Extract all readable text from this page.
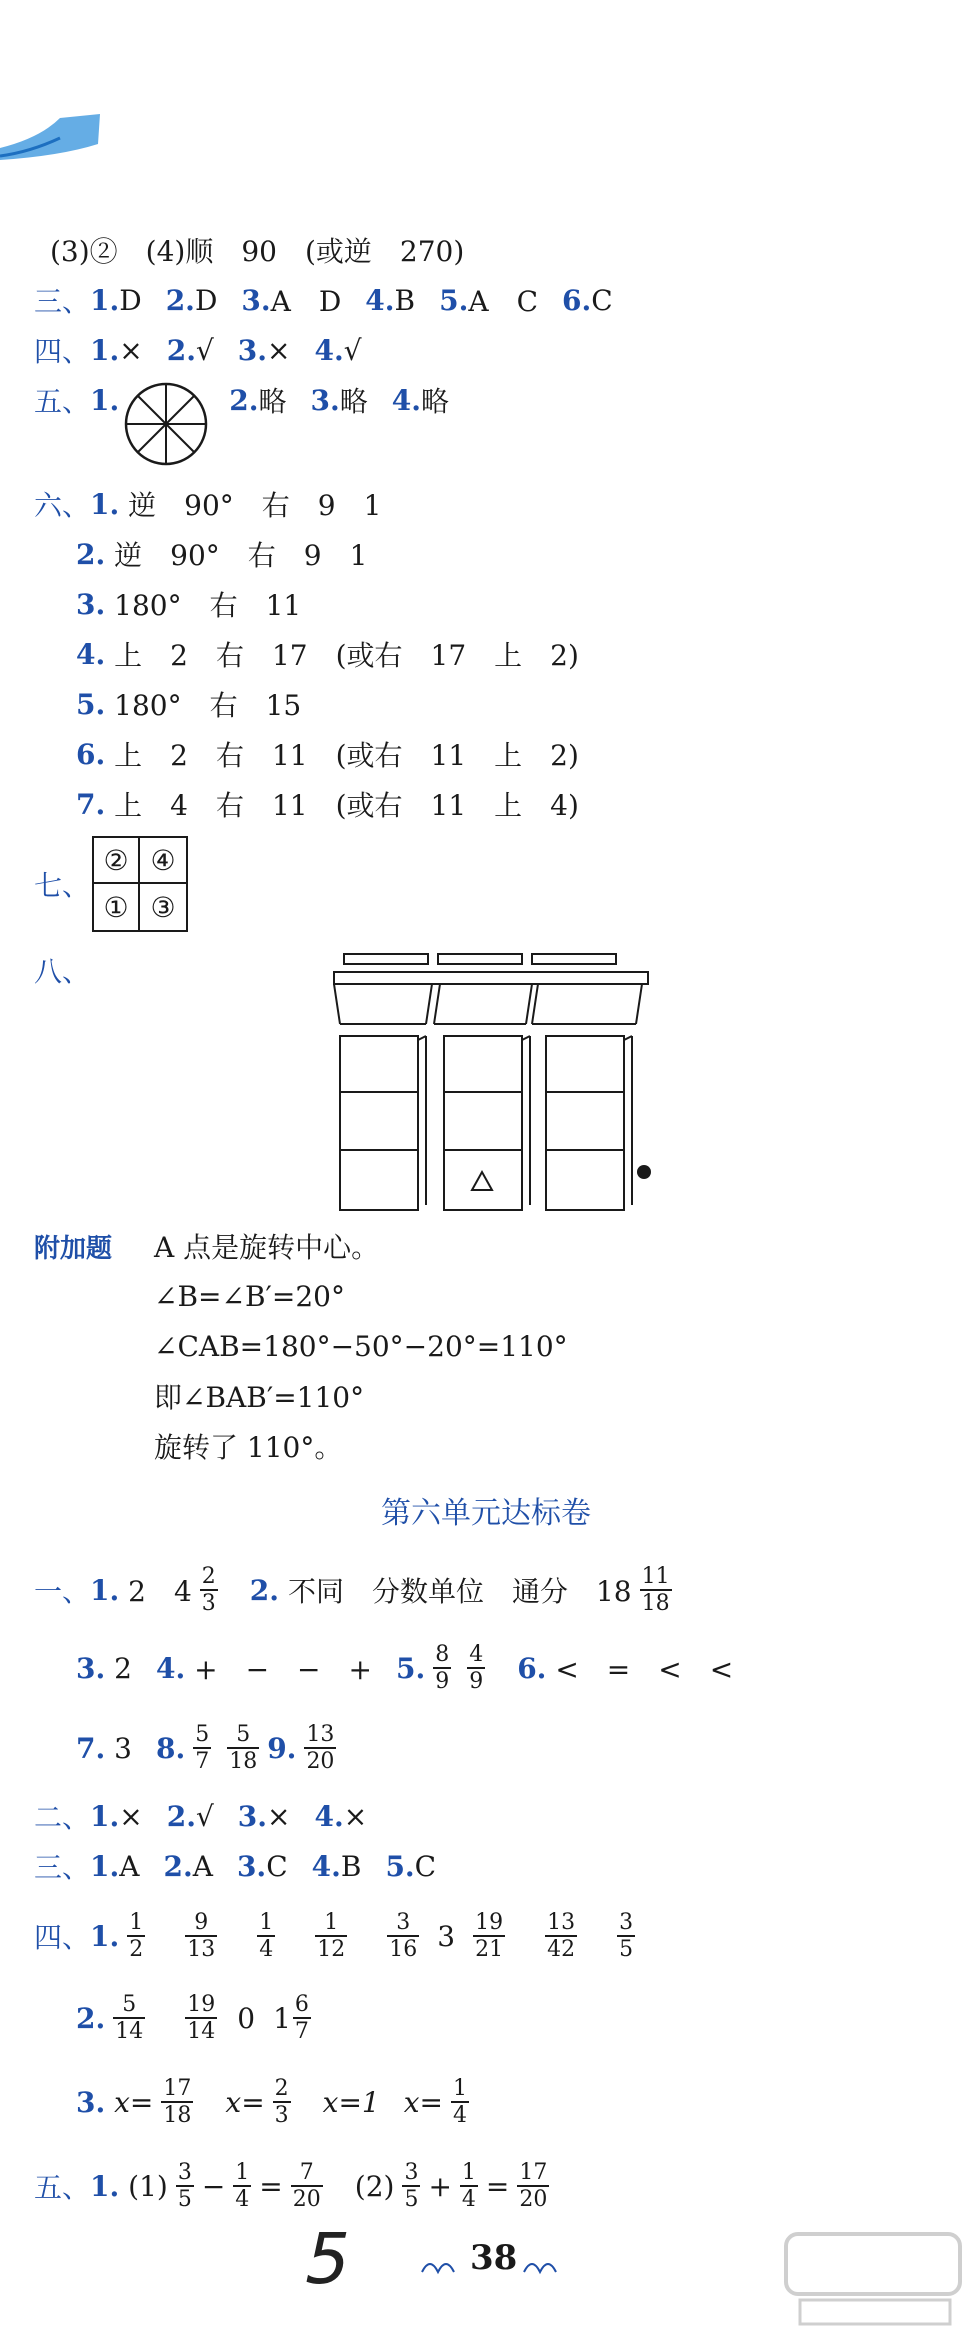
(3)②　(4)顺　90　(或逆　270)
三、 1. D 2. D 3. A　D 4. B 5. A　C 6. C
四、 1. × 2. √ 3. × 4. √
五、 1.	2. 略 3. 略 4. 略
六、 1.
逆　90°　右　9　1
2.
逆　90°　右　9　1
3.
180°　右　11
4.
上　2　右　17　(或右　17　上　2)
5.
180°　右　15
6.
上　2　右　11　(或右　11　上　2)
7.
上　4　右　11　(或右　11　上　4)
七、
② ④
① ③
八、
附加题 A 点是旋转中心。
∠B=∠B′=20°
∠CAB=180°−50°−20°=110°
即∠BAB′=110°
旋转了 110°。
第六单元达标卷
一、 1.
2　$4 \frac{2}{3} 2$.
不同　分数单位　通分　$18 \frac{11}{18}$
3.
2 4.
+　−　−　+ 5. $\frac{8}{9} \frac{4}{9} 6$.
<　=　<　<
7.
3 8. $\frac{5}{7} \frac{5}{18} 9$. $\frac{13}{20}$
二、 1. × 2. √ 3. × 4. ×
三、 1. A 2. A 3. C 4. B 5. C
四、 1. $\frac{1}{2} \frac{9}{13} \frac{1}{4} \frac{1}{12} \frac{3}{16} 3 \frac{19}{21} \frac{13}{42} \frac{3}{5}$
2. $\frac{5}{14} \frac{19}{14} 0$ $1 \frac{6}{7}$
3.
$x= \frac{17}{18} x= \frac{2}{3} x=1$ $x= \frac{1}{4}$
五、 1.
$(1) \frac{3}{5} - \frac{1}{4} = \frac{7}{20} (2) \frac{3}{5} + \frac{1}{4} = \frac{17}{20}$
5	38
